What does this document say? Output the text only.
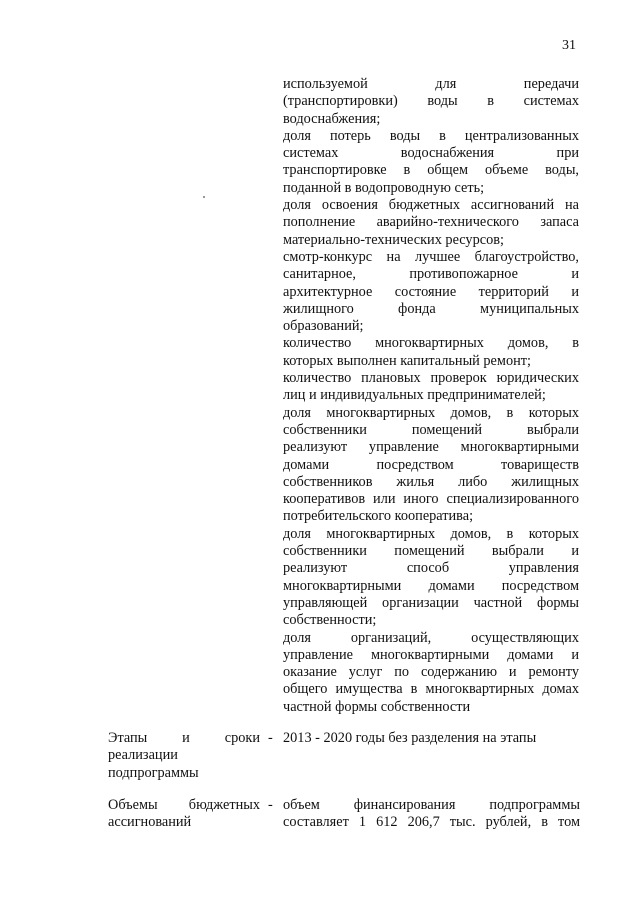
31
используемой для передачи
(транспортировки) воды в системах
водоснабжения;
доля потерь воды в централизованных
системах водоснабжения при
транспортировке в общем объеме воды,
поданной в водопроводную сеть;
доля освоения бюджетных ассигнований на
пополнение аварийно-технического запаса
материально-технических ресурсов;
смотр-конкурс на лучшее благоустройство,
санитарное, противопожарное и
архитектурное состояние территорий и
жилищного фонда муниципальных
образований;
количество многоквартирных домов, в
которых выполнен капитальный ремонт;
количество плановых проверок юридических
лиц и индивидуальных предпринимателей;
доля многоквартирных домов, в которых
собственники помещений выбрали
реализуют управление многоквартирными
домами посредством товариществ
собственников жилья либо жилищных
кооперативов или иного специализированного
потребительского кооператива;
доля многоквартирных домов, в которых
собственники помещений выбрали и
реализуют способ управления
многоквартирными домами посредством
управляющей организации частной формы
собственности;
доля организаций, осуществляющих
управление многоквартирными домами и
оказание услуг по содержанию и ремонту
общего имущества в многоквартирных домах
частной формы собственности
Этапы и сроки
реализации
подпрограммы
- 2013 - 2020 годы без разделения на этапы
Объемы бюджетных
ассигнований
- объем финансирования подпрограммы
составляет 1 612 206,7 тыс. рублей, в том
